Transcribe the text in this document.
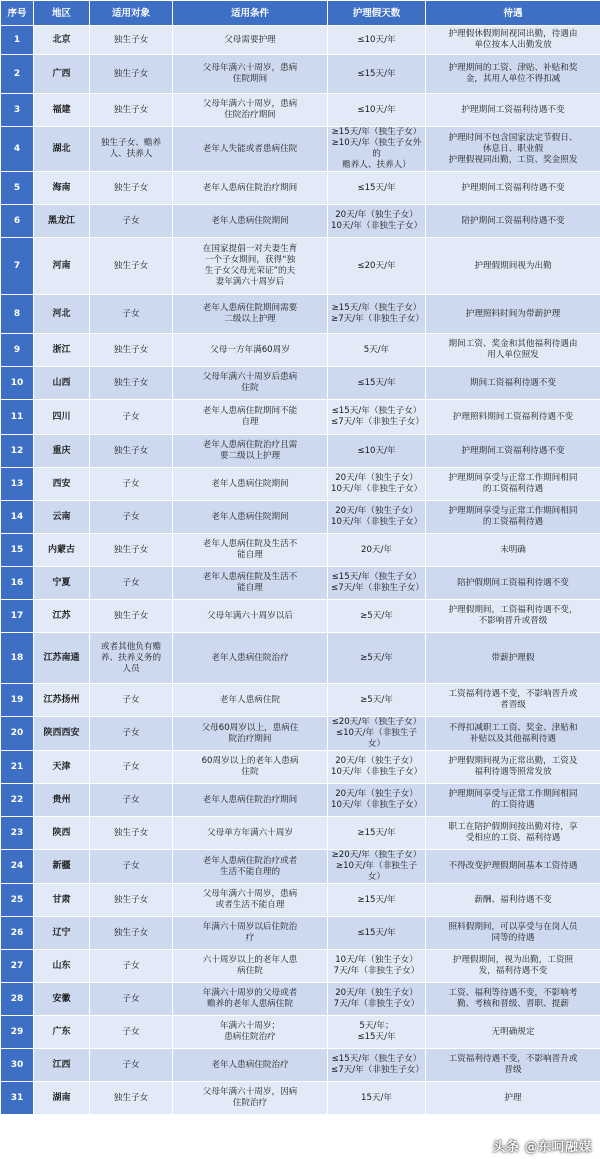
序号	地区	适用对象	适用条件	护理假天数	待遇
1	北京	独生子女	父母需要护理	≤10天/年	护理假休假期间视同出勤，待遇由
单位按本人出勤发放
2	广西	独生子女	父母年满六十周岁，患病
住院期间	≤15天/年	护理期间的工资、津贴、补贴和奖
金，其用人单位不得扣减
3	福建	独生子女	父母年满六十周岁，患病
住院治疗期间	≤10天/年	护理期间工资福利待遇不变
4	湖北	独生子女、赡养
人、扶养人	老年人失能或者患病住院	≥15天/年（独生子女）
≥10天/年（独生子女外的
赡养人、扶养人）	护理时间不包含国家法定节假日、
休息日、职业假
护理假视同出勤，工资、奖金照发
5	海南	独生子女	老年人患病住院治疗期间	≤15天/年	护理期间工资福利待遇不变
6	黑龙江	子女	老年人患病住院期间	20天/年（独生子女）
10天/年（非独生子女）	陪护期间工资福利待遇不变
7	河南	独生子女	在国家提倡一对夫妻生育
一个子女期间，获得“独
生子女父母光荣证”的夫
妻年满六十周岁后	≤20天/年	护理假期间视为出勤
8	河北	子女	老年人患病住院期间需要
二级以上护理	≥15天/年（独生子女）
≥7天/年（非独生子女）	护理照料时间为带薪护理
9	浙江	独生子女	父母一方年满60周岁	5天/年	期间工资、奖金和其他福利待遇由
用人单位照发
10	山西	独生子女	父母年满六十周岁后患病
住院	≤15天/年	期间工资福利待遇不变
11	四川	子女	老年人患病住院期间不能
自理	≤15天/年（独生子女）
≤7天/年（非独生子女）	护理照料期间工资福利待遇不变
12	重庆	独生子女	老年人患病住院治疗且需
要二级以上护理	≤10天/年	护理期间工资福利待遇不变
13	西安	子女	老年人患病住院期间	20天/年（独生子女）
10天/年（非独生子女）	护理期间享受与正常工作期间相同
的工资福利待遇
14	云南	子女	老年人患病住院期间	20天/年（独生子女）
10天/年（非独生子女）	护理期间享受与正常工作期间相同
的工资福利待遇
15	内蒙古	独生子女	老年人患病住院及生活不
能自理	20天/年	未明确
16	宁夏	子女	老年人患病住院及生活不
能自理	≤15天/年（独生子女）
≤7天/年（非独生子女）	陪护假期间工资福利待遇不变
17	江苏	独生子女	父母年满六十周岁以后	≥5天/年	护理假期间，工资福利待遇不变，
不影响晋升或晋级
18	江苏南通	或者其他负有赡
养、扶养义务的
人员	老年人患病住院治疗	≥5天/年	带薪护理假
19	江苏扬州	子女	老年人患病住院	≥5天/年	工资福利待遇不变，不影响晋升或
者晋级
20	陕西西安	子女	父母60周岁以上，患病住
院治疗期间	≤20天/年（独生子女）
≤10天/年（非独生子女）	不得扣减职工工资、奖金、津贴和
补贴以及其他福利待遇
21	天津	子女	60周岁以上的老年人患病
住院	20天/年（独生子女）
10天/年（非独生子女）	护理假期间视为正常出勤，工资及
福利待遇等照常发放
22	贵州	子女	老年人患病住院治疗期间	20天/年（独生子女）
10天/年（非独生子女）	护理期间享受与正常工作期间相同
的工资待遇
23	陕西	独生子女	父母单方年满六十周岁	≥15天/年	职工在陪护假期间按出勤对待，享
受相应的工资、福利待遇
24	新疆	子女	老年人患病住院治疗或者
生活不能自理的	≥20天/年（独生子女）
≥10天/年（非独生子女）	不得改变护理假期间基本工资待遇
25	甘肃	独生子女	父母年满六十周岁，患病
或者生活不能自理	≥15天/年	薪酬、福利待遇不变
26	辽宁	独生子女	年满六十周岁以后住院治
疗	≤15天/年	照料假期间，可以享受与在岗人员
同等的待遇
27	山东	子女	六十周岁以上的老年人患
病住院	10天/年（独生子女）
7天/年（非独生子女）	护理假期间，视为出勤，工资照
发，福利待遇不变
28	安徽	子女	年满六十周岁的父母或者
赡养的老年人患病住院	20天/年（独生子女）
7天/年（非独生子女）	工资、福利等待遇不变，不影响考
勤、考核和晋级、晋职、提薪
29	广东	子女	年满六十周岁；
患病住院治疗	5天/年；
≤15天/年	无明确规定
30	江西	子女	老年人患病住院治疗	≤15天/年（独生子女）
≤7天/年（非独生子女）	工资福利待遇不变，不影响晋升或
晋级
31	湖南	独生子女	父母年满六十周岁，因病
住院治疗	15天/年	护理
头条 @东呵融媒
